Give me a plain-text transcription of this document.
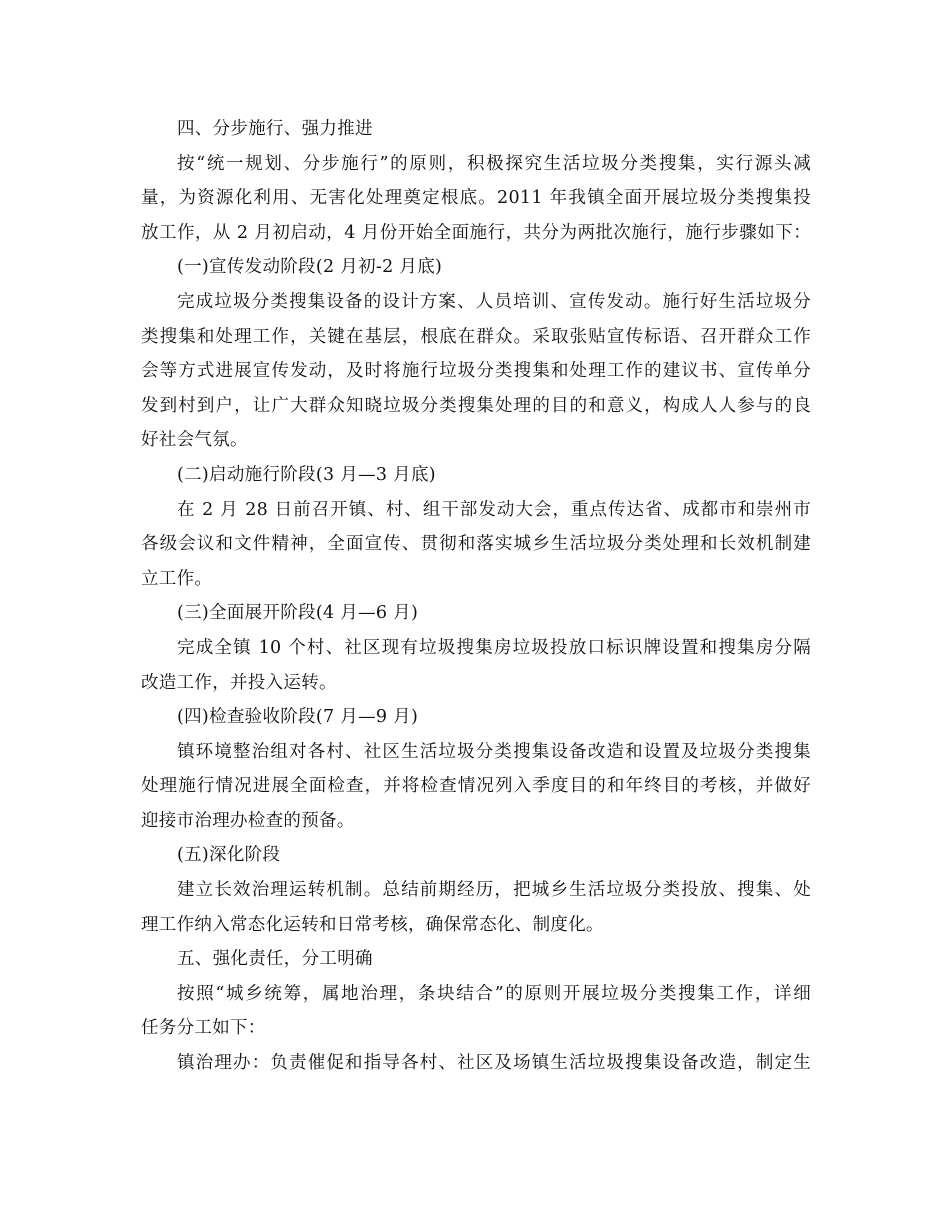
四、分步施行、强力推进
按“统一规划、分步施行”的原则，积极探究生活垃圾分类搜集，实行源头减
量，为资源化利用、无害化处理奠定根底。2011 年我镇全面开展垃圾分类搜集投
放工作，从 2 月初启动，4 月份开始全面施行，共分为两批次施行，施行步骤如下：
(一)宣传发动阶段(2 月初-2 月底)
完成垃圾分类搜集设备的设计方案、人员培训、宣传发动。施行好生活垃圾分
类搜集和处理工作，关键在基层，根底在群众。采取张贴宣传标语、召开群众工作
会等方式进展宣传发动，及时将施行垃圾分类搜集和处理工作的建议书、宣传单分
发到村到户，让广大群众知晓垃圾分类搜集处理的目的和意义，构成人人参与的良
好社会气氛。
(二)启动施行阶段(3 月—3 月底)
在 2 月 28 日前召开镇、村、组干部发动大会，重点传达省、成都市和崇州市
各级会议和文件精神，全面宣传、贯彻和落实城乡生活垃圾分类处理和长效机制建
立工作。
(三)全面展开阶段(4 月—6 月)
完成全镇 10 个村、社区现有垃圾搜集房垃圾投放口标识牌设置和搜集房分隔
改造工作，并投入运转。
(四)检查验收阶段(7 月—9 月)
镇环境整治组对各村、社区生活垃圾分类搜集设备改造和设置及垃圾分类搜集
处理施行情况进展全面检查，并将检查情况列入季度目的和年终目的考核，并做好
迎接市治理办检查的预备。
(五)深化阶段
建立长效治理运转机制。总结前期经历，把城乡生活垃圾分类投放、搜集、处
理工作纳入常态化运转和日常考核，确保常态化、制度化。
五、强化责任，分工明确
按照“城乡统筹，属地治理，条块结合”的原则开展垃圾分类搜集工作，详细
任务分工如下：
镇治理办：负责催促和指导各村、社区及场镇生活垃圾搜集设备改造，制定生
